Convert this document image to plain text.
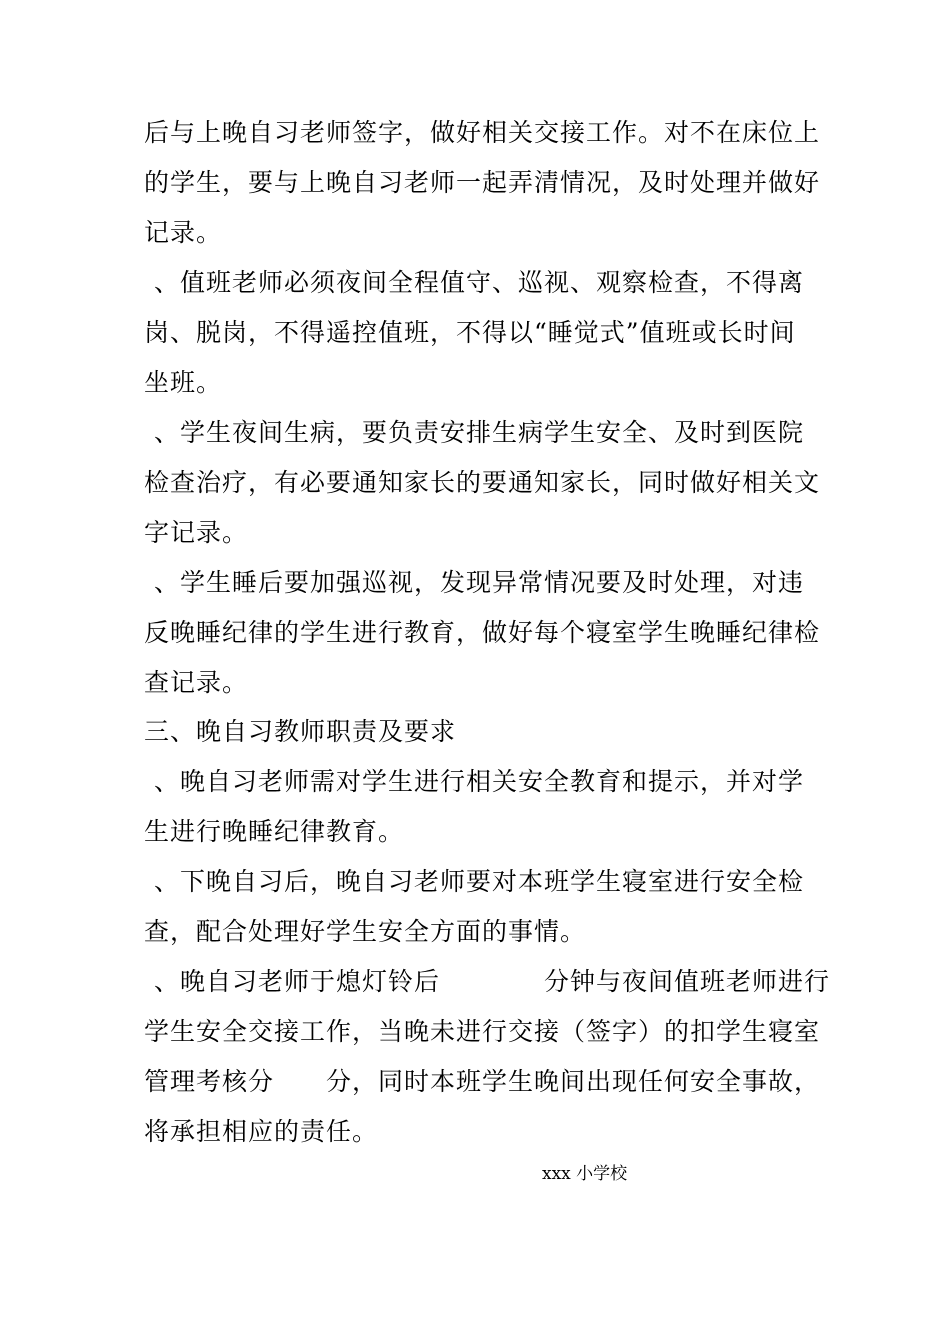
后与上晚自习老师签字，做好相关交接工作。对不在床位上
的学生，要与上晚自习老师一起弄清情况，及时处理并做好
记录。
、值班老师必须夜间全程值守、巡视、观察检查，不得离
岗、脱岗，不得遥控值班，不得以“睡觉式”值班或长时间
坐班。
、学生夜间生病，要负责安排生病学生安全、及时到医院
检查治疗，有必要通知家长的要通知家长，同时做好相关文
字记录。
、学生睡后要加强巡视，发现异常情况要及时处理，对违
反晚睡纪律的学生进行教育，做好每个寝室学生晚睡纪律检
查记录。
三、晚自习教师职责及要求
、晚自习老师需对学生进行相关安全教育和提示，并对学
生进行晚睡纪律教育。
、下晚自习后，晚自习老师要对本班学生寝室进行安全检
查，配合处理好学生安全方面的事情。
、晚自习老师于熄灯铃后　　　　分钟与夜间值班老师进行
学生安全交接工作，当晚未进行交接（签字）的扣学生寝室
管理考核分　　分，同时本班学生晚间出现任何安全事故，
将承担相应的责任。
xxx 小学校
